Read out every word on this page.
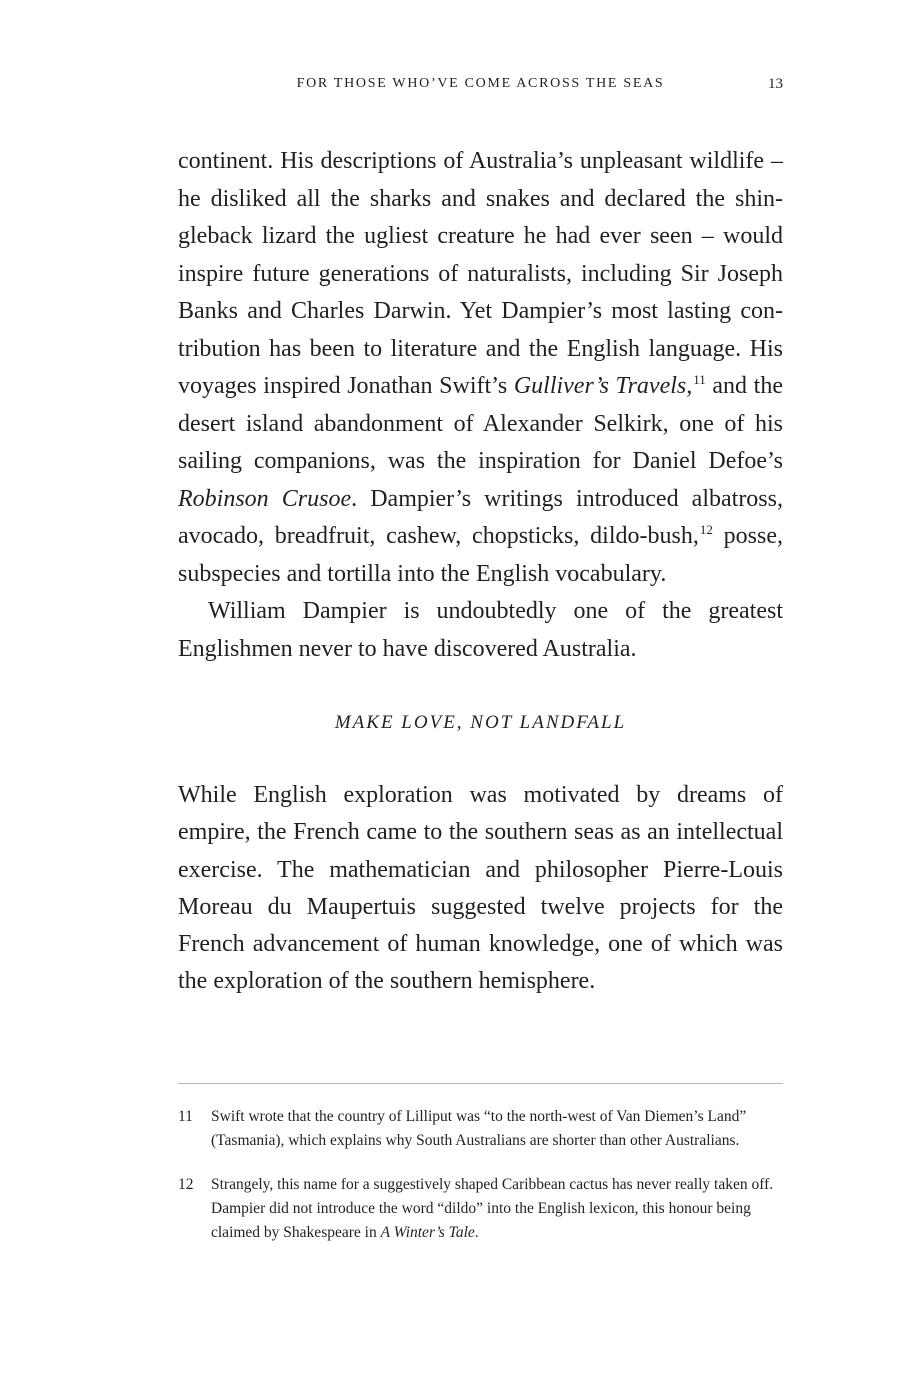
FOR THOSE WHO’VE COME ACROSS THE SEAS	13

continent. His descriptions of Australia’s unpleasant wildlife – he disliked all the sharks and snakes and declared the shingleback lizard the ugliest creature he had ever seen – would inspire future generations of naturalists, including Sir Joseph Banks and Charles Darwin. Yet Dampier’s most lasting contribution has been to literature and the English language. His voyages inspired Jonathan Swift’s Gulliver’s Travels,$^{11}$ and the desert island abandonment of Alexander Selkirk, one of his sailing companions, was the inspiration for Daniel Defoe’s Robinson Crusoe. Dampier’s writings introduced albatross, avocado, breadfruit, cashew, chopsticks, dildo-bush,$^{12}$ posse, subspecies and tortilla into the English vocabulary.

William Dampier is undoubtedly one of the greatest Englishmen never to have discovered Australia.

MAKE LOVE, NOT LANDFALL

While English exploration was motivated by dreams of empire, the French came to the southern seas as an intellectual exercise. The mathematician and philosopher Pierre-Louis Moreau du Maupertuis suggested twelve projects for the French advancement of human knowledge, one of which was the exploration of the southern hemisphere.

11 Swift wrote that the country of Lilliput was “to the north-west of Van Diemen’s Land” (Tasmania), which explains why South Australians are shorter than other Australians.
12 Strangely, this name for a suggestively shaped Caribbean cactus has never really taken off. Dampier did not introduce the word “dildo” into the English lexicon, this honour being claimed by Shakespeare in A Winter’s Tale.
